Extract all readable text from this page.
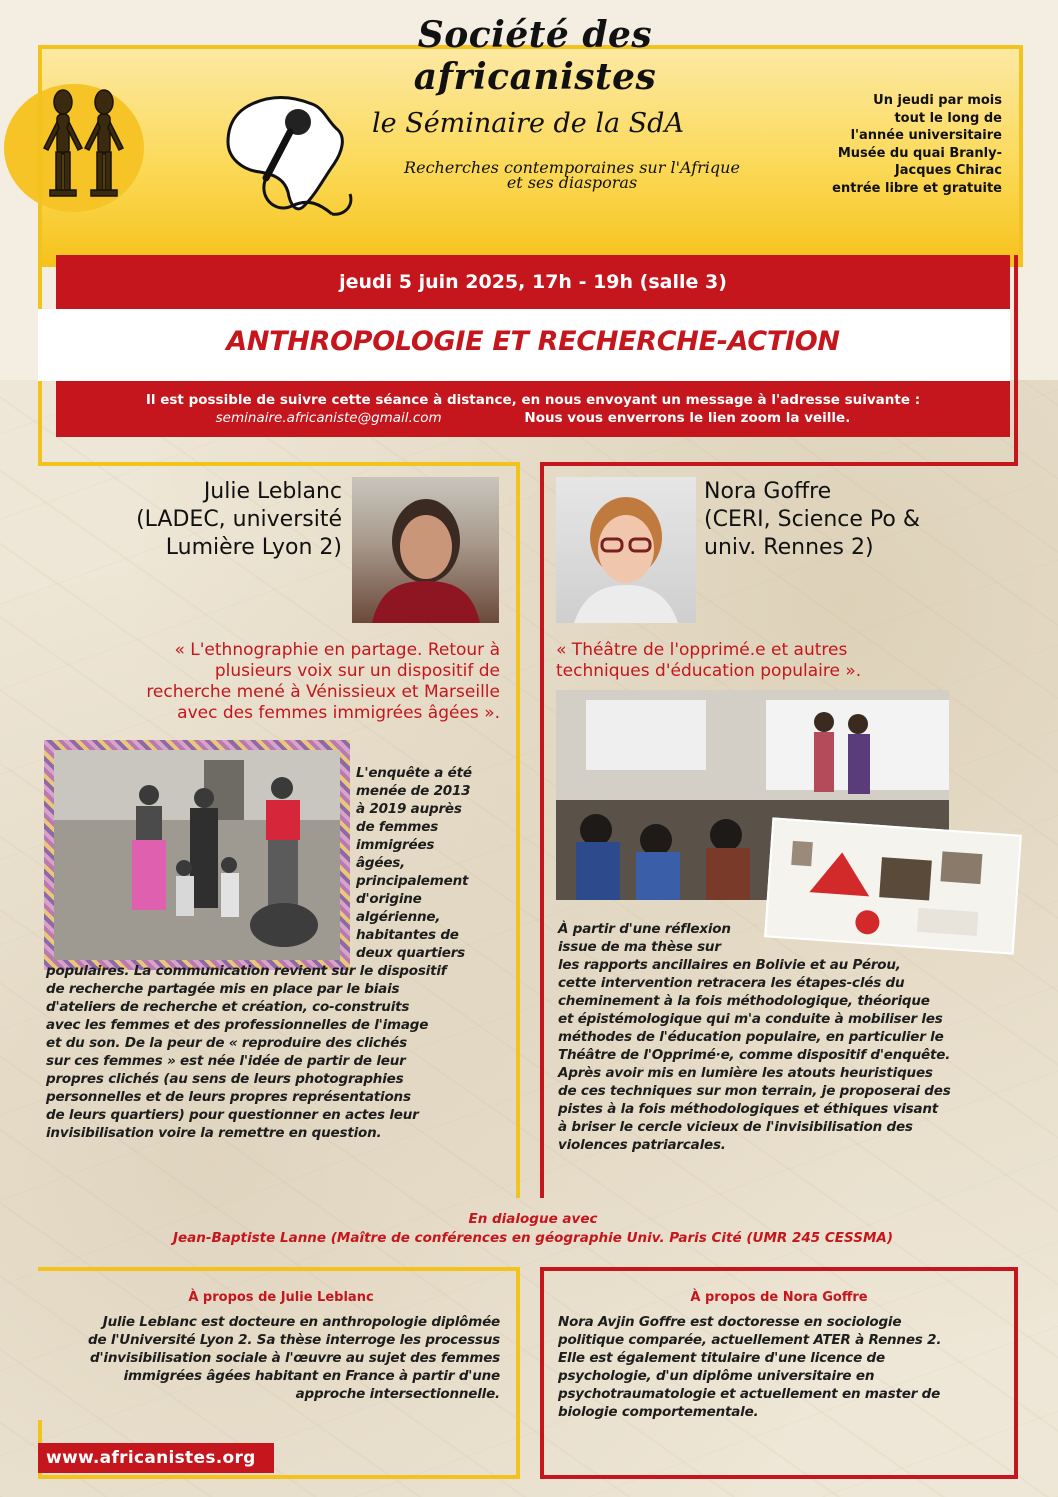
Société des africanistes
le Séminaire de la SdA
Recherches contemporaines sur l'Afrique
et ses diasporas
Un jeudi par mois
tout le long de
l'année universitaire
Musée du quai Branly-
Jacques Chirac
entrée libre et gratuite
jeudi 5 juin 2025, 17h - 19h (salle 3)
ANTHROPOLOGIE ET RECHERCHE-ACTION
Il est possible de suivre cette séance à distance, en nous envoyant un message à l'adresse suivante :
seminaire.africaniste@gmail.com	Nous vous enverrons le lien zoom la veille.
Julie Leblanc
(LADEC, université
Lumière Lyon 2)
« L'ethnographie en partage. Retour à
plusieurs voix sur un dispositif de
recherche mené à Vénissieux et Marseille
avec des femmes immigrées âgées ».
L'enquête a été
menée de 2013
à 2019 auprès
de femmes
immigrées
âgées,
principalement
d'origine
algérienne,
habitantes de
deux quartiers
populaires. La communication revient sur le dispositif
de recherche partagée mis en place par le biais
d'ateliers de recherche et création, co-construits
avec les femmes et des professionnelles de l'image
et du son. De la peur de « reproduire des clichés
sur ces femmes » est née l'idée de partir de leur
propres clichés (au sens de leurs photographies
personnelles et de leurs propres représentations
de leurs quartiers) pour questionner en actes leur
invisibilisation voire la remettre en question.
Nora Goffre
(CERI, Science Po &
univ. Rennes 2)
« Théâtre de l'opprimé.e et autres
techniques d'éducation populaire ».
À partir d'une réflexion
issue de ma thèse sur
les rapports ancillaires en Bolivie et au Pérou,
cette intervention retracera les étapes-clés du
cheminement à la fois méthodologique, théorique
et épistémologique qui m'a conduite à mobiliser les
méthodes de l'éducation populaire, en particulier le
Théâtre de l'Opprimé·e, comme dispositif d'enquête.
Après avoir mis en lumière les atouts heuristiques
de ces techniques sur mon terrain, je proposerai des
pistes à la fois méthodologiques et éthiques visant
à briser le cercle vicieux de l'invisibilisation des
violences patriarcales.
En dialogue avec
Jean-Baptiste Lanne (Maître de conférences en géographie Univ. Paris Cité (UMR 245 CESSMA)
À propos de Julie Leblanc
Julie Leblanc est docteure en anthropologie diplômée
de l'Université Lyon 2. Sa thèse interroge les processus
d'invisibilisation sociale à l'œuvre au sujet des femmes
immigrées âgées habitant en France à partir d'une
approche intersectionnelle.
À propos de Nora Goffre
Nora Avjin Goffre est doctoresse en sociologie
politique comparée, actuellement ATER à Rennes 2.
Elle est également titulaire d'une licence de
psychologie, d'un diplôme universitaire en
psychotraumatologie et actuellement en master de
biologie comportementale.
www.africanistes.org
